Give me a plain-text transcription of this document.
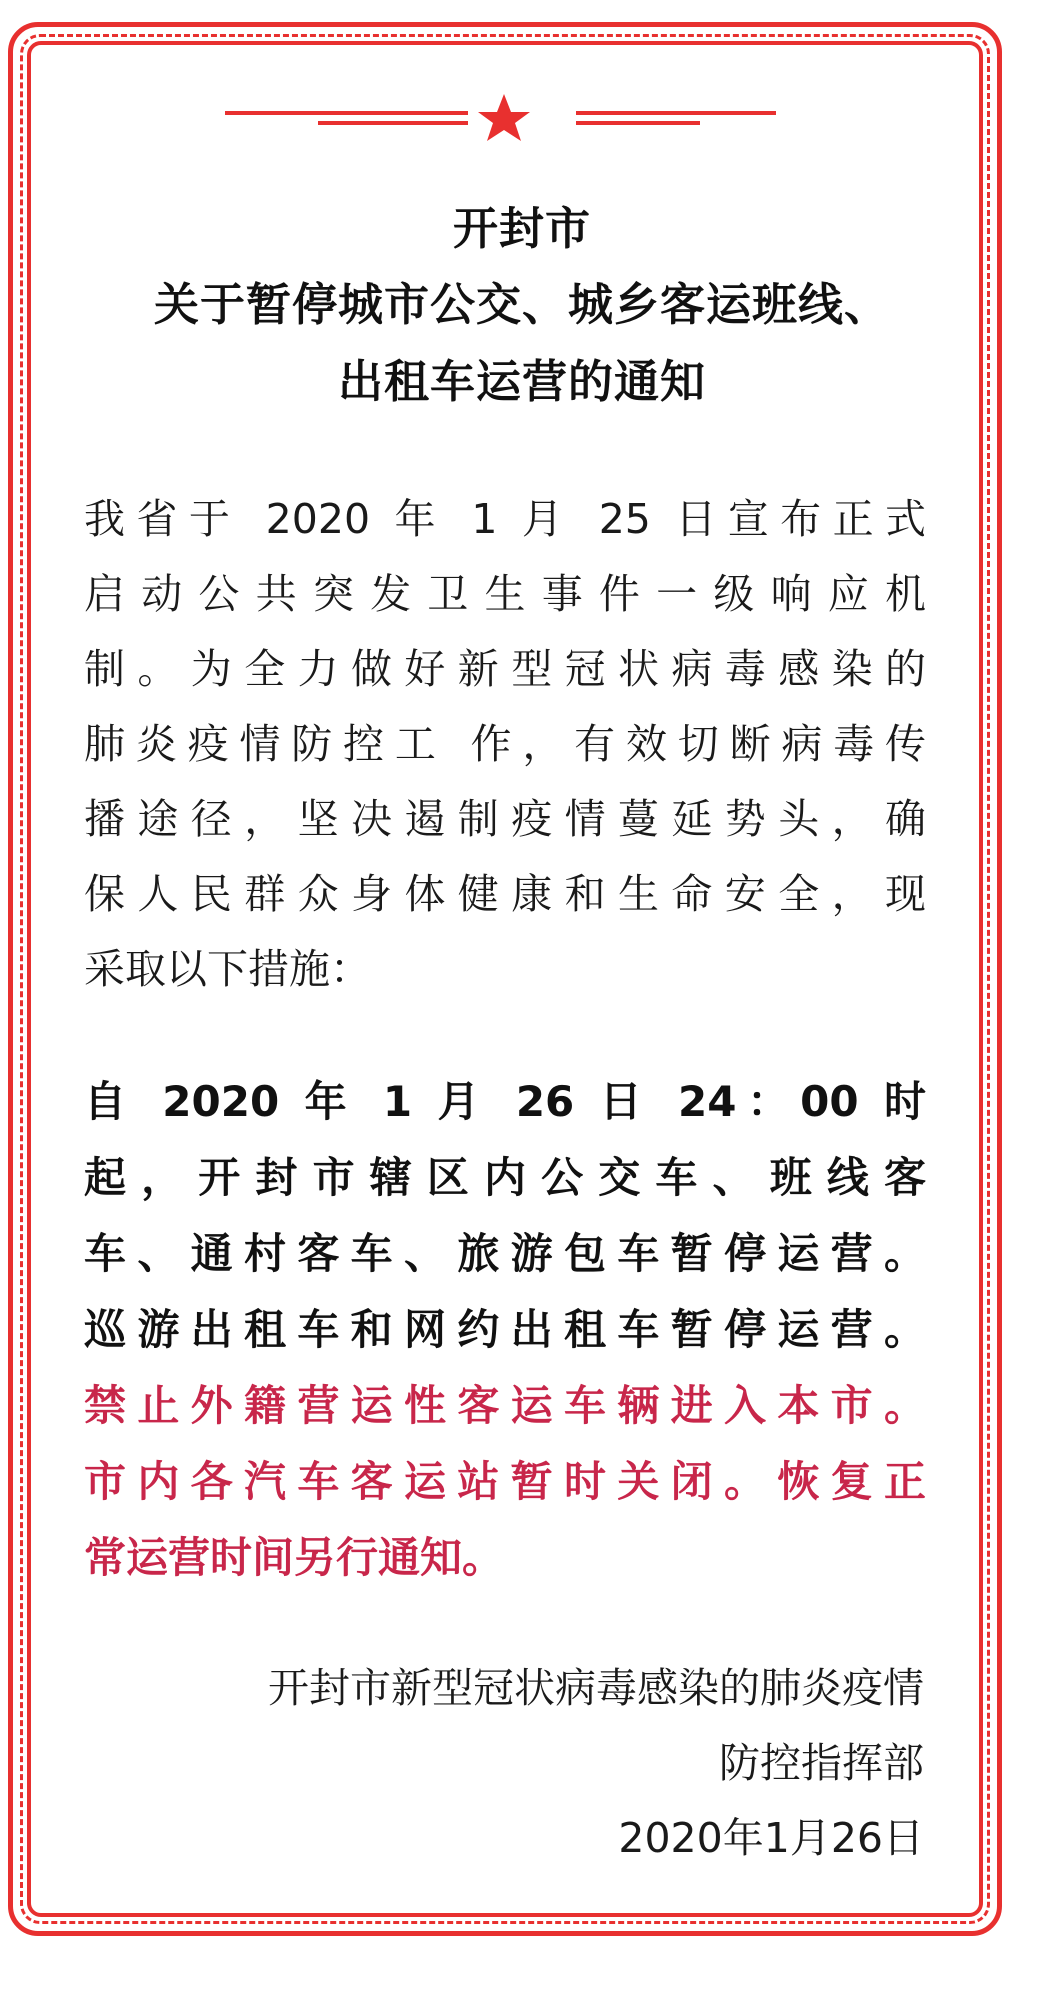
开封市
关于暂停城市公交、城乡客运班线、
出租车运营的通知
我省于 2020 年 1 月 25 日宣布正式
启动公共突发卫生事件一级响应机
制。为全力做好新型冠状病毒感染的
肺炎疫情防控工 作，有效切断病毒传
播途径，坚决遏制疫情蔓延势头，确
保人民群众身体健康和生命安全，现
采取以下措施：
自 2020 年 1 月 26 日 24：00 时
起，开封市辖区内公交车、班线客
车、通村客车、旅游包车暂停运营。
巡游出租车和网约出租车暂停运营。
禁止外籍营运性客运车辆进入本市。
市内各汽车客运站暂时关闭。恢复正
常运营时间另行通知。
开封市新型冠状病毒感染的肺炎疫情
防控指挥部
2020年1月26日
